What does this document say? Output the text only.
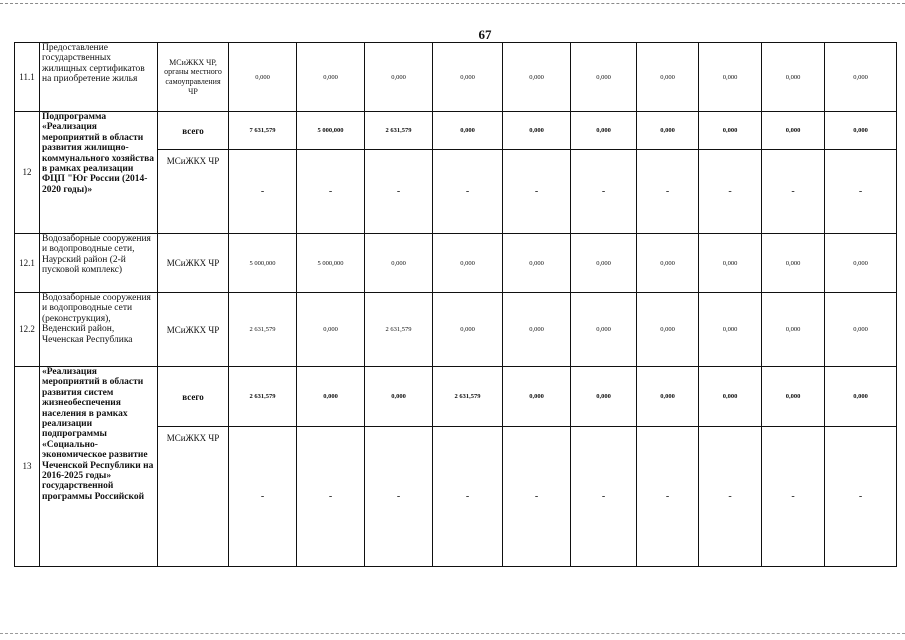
67
11.1	Предоставление государственных жилищных сертификатов на приобретение жилья	МСиЖКХ ЧР, органы местного самоуправления ЧР	0,000	0,000	0,000	0,000	0,000	0,000	0,000	0,000	0,000	0,000
12	Подпрограмма «Реализация мероприятий в области развития жилищно-коммунального хозяйства в рамках реализации ФЦП "Юг России (2014-2020 годы)»	всего	7 631,579	5 000,000	2 631,579	0,000	0,000	0,000	0,000	0,000	0,000	0,000
		МСиЖКХ ЧР	-	-	-	-	-	-	-	-	-	-
12.1	Водозаборные сооружения и водопроводные сети, Наурский район (2-й пусковой комплекс)	МСиЖКХ ЧР	5 000,000	5 000,000	0,000	0,000	0,000	0,000	0,000	0,000	0,000	0,000
12.2	Водозаборные сооружения и водопроводные сети (реконструкция), Веденский район, Чеченская Республика	МСиЖКХ ЧР	2 631,579	0,000	2 631,579	0,000	0,000	0,000	0,000	0,000	0,000	0,000
13	«Реализация мероприятий в области развития систем жизнеобеспечения населения в рамках реализации подпрограммы «Социально-экономическое развитие Чеченской Республики на 2016-2025 годы» государственной программы Российской	всего	2 631,579	0,000	0,000	2 631,579	0,000	0,000	0,000	0,000	0,000	0,000
		МСиЖКХ ЧР	-	-	-	-	-	-	-	-	-	-
